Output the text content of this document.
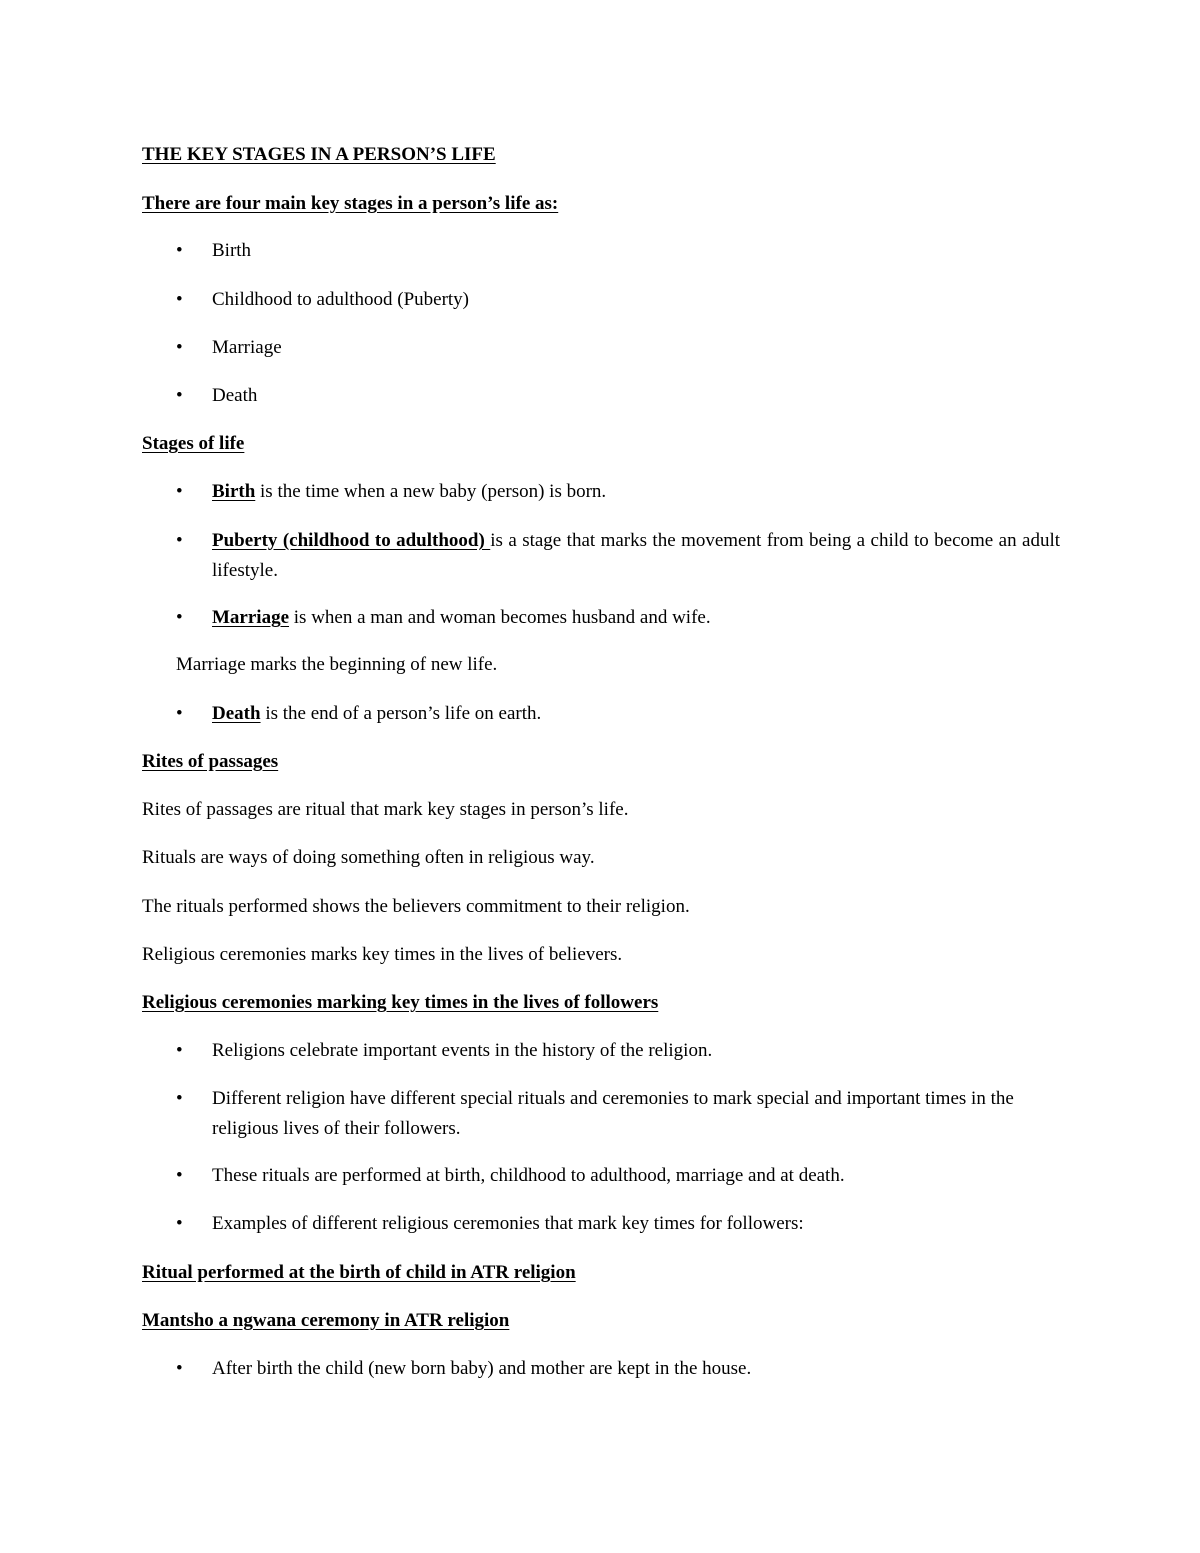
THE KEY STAGES IN A PERSON’S LIFE
There are four main key stages in a person’s life as:
• Birth
• Childhood to adulthood (Puberty)
• Marriage
• Death
Stages of life
• Birth is the time when a new baby (person) is born.
• Puberty (childhood to adulthood) is a stage that marks the movement from being a child to become an adult lifestyle.
• Marriage is when a man and woman becomes husband and wife.
Marriage marks the beginning of new life.
• Death is the end of a person’s life on earth.
Rites of passages
Rites of passages are ritual that mark key stages in person’s life.
Rituals are ways of doing something often in religious way.
The rituals performed shows the believers commitment to their religion.
Religious ceremonies marks key times in the lives of believers.
Religious ceremonies marking key times in the lives of followers
• Religions celebrate important events in the history of the religion.
• Different religion have different special rituals and ceremonies to mark special and important times in the religious lives of their followers.
• These rituals are performed at birth, childhood to adulthood, marriage and at death.
• Examples of different religious ceremonies that mark key times for followers:
Ritual performed at the birth of child in ATR religion
Mantsho a ngwana ceremony in ATR religion
• After birth the child (new born baby) and mother are kept in the house.
